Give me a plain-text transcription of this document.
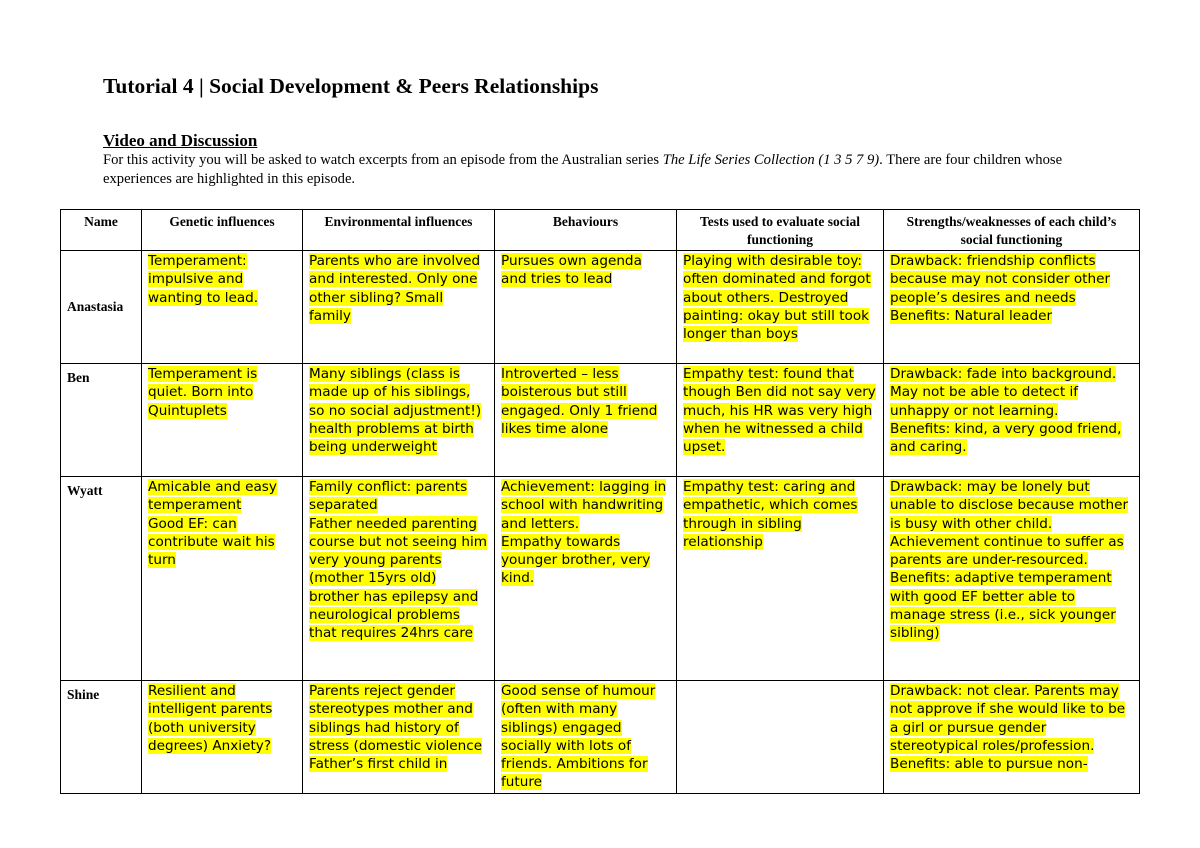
Tutorial 4 | Social Development & Peers Relationships
Video and Discussion

For this activity you will be asked to watch excerpts from an episode from the Australian series The Life Series Collection (1 3 5 7 9). There are four children whose experiences are highlighted in this episode.

Name	Genetic influences	Environmental influences	Behaviours	Tests used to evaluate social functioning	Strengths/weaknesses of each child’s social functioning
Anastasia	Temperament: impulsive and wanting to lead.	Parents who are involved and interested. Only one other sibling? Small family	Pursues own agenda and tries to lead	Playing with desirable toy: often dominated and forgot about others. Destroyed painting: okay but still took longer than boys	Drawback: friendship conflicts because may not consider other people’s desires and needs
Benefits: Natural leader

Ben	Temperament is quiet. Born into Quintuplets	Many siblings (class is made up of his siblings, so no social adjustment!) health problems at birth being underweight	Introverted – less boisterous but still engaged. Only 1 friend likes time alone	Empathy test: found that though Ben did not say very much, his HR was very high when he witnessed a child upset.	Drawback: fade into background. May not be able to detect if unhappy or not learning.
Benefits: kind, a very good friend, and caring.

Wyatt	Amicable and easy temperament
Good EF: can contribute wait his turn	Family conflict: parents separated
Father needed parenting course but not seeing him very young parents (mother 15yrs old) brother has epilepsy and neurological problems that requires 24hrs care	Achievement: lagging in school with handwriting and letters.
Empathy towards younger brother, very kind.	Empathy test: caring and empathetic, which comes through in sibling relationship	Drawback: may be lonely but unable to disclose because mother is busy with other child. Achievement continue to suffer as parents are under-resourced.
Benefits: adaptive temperament with good EF better able to manage stress (i.e., sick younger sibling)

Shine	Resilient and intelligent parents (both university degrees) Anxiety?	Parents reject gender stereotypes mother and siblings had history of stress (domestic violence Father’s first child in	Good sense of humour (often with many siblings) engaged socially with lots of friends. Ambitions for future		Drawback: not clear. Parents may not approve if she would like to be a girl or pursue gender stereotypical roles/profession.
Benefits: able to pursue non-
